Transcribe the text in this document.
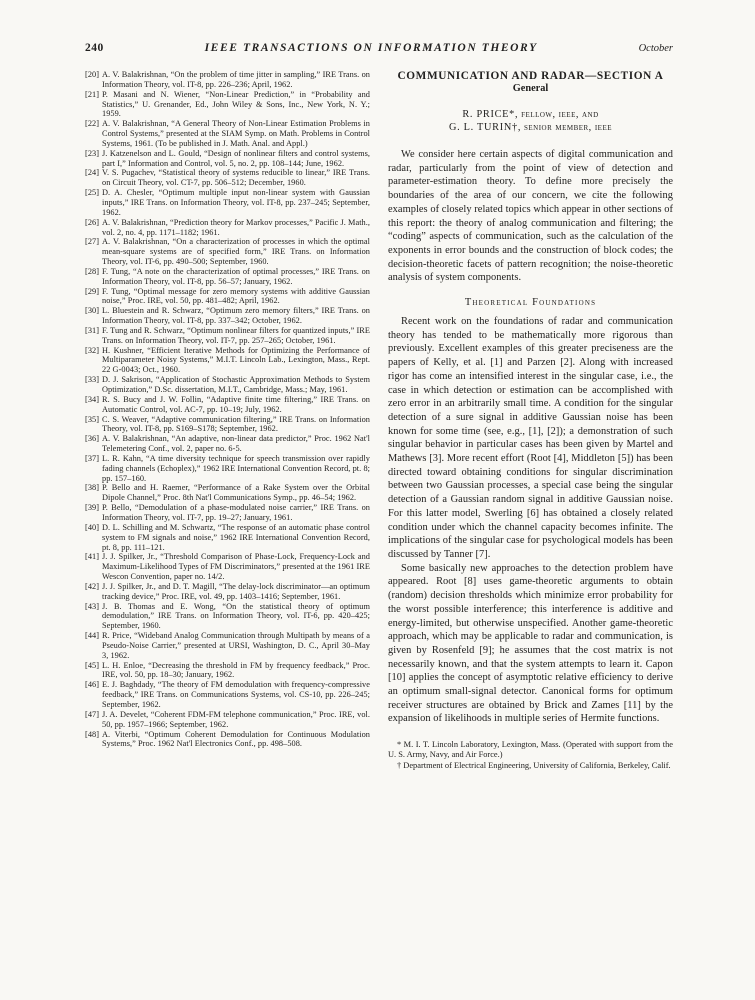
240	IEEE TRANSACTIONS ON INFORMATION THEORY	October
[20] A. V. Balakrishnan, “On the problem of time jitter in sampling,” IRE Trans. on Information Theory, vol. IT-8, pp. 226–236; April, 1962.
[21] P. Masani and N. Wiener, “Non-Linear Prediction,” in “Probability and Statistics,” U. Grenander, Ed., John Wiley & Sons, Inc., New York, N. Y.; 1959.
[22] A. V. Balakrishnan, “A General Theory of Non-Linear Estimation Problems in Control Systems,” presented at the SIAM Symp. on Math. Problems in Control Systems, 1961. (To be published in J. Math. Anal. and Appl.)
[23] J. Katzenelson and L. Gould, “Design of nonlinear filters and control systems, part I,” Information and Control, vol. 5, no. 2, pp. 108–144; June, 1962.
[24] V. S. Pugachev, “Statistical theory of systems reducible to linear,” IRE Trans. on Circuit Theory, vol. CT-7, pp. 506–512; December, 1960.
[25] D. A. Chesler, “Optimum multiple input non-linear system with Gaussian inputs,” IRE Trans. on Information Theory, vol. IT-8, pp. 237–245; September, 1962.
[26] A. V. Balakrishnan, “Prediction theory for Markov processes,” Pacific J. Math., vol. 2, no. 4, pp. 1171–1182; 1961.
[27] A. V. Balakrishnan, “On a characterization of processes in which the optimal mean-square systems are of specified form,” IRE Trans. on Information Theory, vol. IT-6, pp. 490–500; September, 1960.
[28] F. Tung, “A note on the characterization of optimal processes,” IRE Trans. on Information Theory, vol. IT-8, pp. 56–57; January, 1962.
[29] F. Tung, “Optimal message for zero memory systems with additive Gaussian noise,” Proc. IRE, vol. 50, pp. 481–482; April, 1962.
[30] L. Bluestein and R. Schwarz, “Optimum zero memory filters,” IRE Trans. on Information Theory, vol. IT-8, pp. 337–342; October, 1962.
[31] F. Tung and R. Schwarz, “Optimum nonlinear filters for quantized inputs,” IRE Trans. on Information Theory, vol. IT-7, pp. 257–265; October, 1961.
[32] H. Kushner, “Efficient Iterative Methods for Optimizing the Performance of Multiparameter Noisy Systems,” M.I.T. Lincoln Lab., Lexington, Mass., Rept. 22 G-0043; Oct., 1960.
[33] D. J. Sakrison, “Application of Stochastic Approximation Methods to System Optimization,” D.Sc. dissertation, M.I.T., Cambridge, Mass.; May, 1961.
[34] R. S. Bucy and J. W. Follin, “Adaptive finite time filtering,” IRE Trans. on Automatic Control, vol. AC-7, pp. 10–19; July, 1962.
[35] C. S. Weaver, “Adaptive communication filtering,” IRE Trans. on Information Theory, vol. IT-8, pp. S169–S178; September, 1962.
[36] A. V. Balakrishnan, “An adaptive, non-linear data predictor,” Proc. 1962 Nat'l Telemetering Conf., vol. 2, paper no. 6-5.
[37] L. R. Kahn, “A time diversity technique for speech transmission over rapidly fading channels (Echoplex),” 1962 IRE International Convention Record, pt. 8; pp. 157–160.
[38] P. Bello and H. Raemer, “Performance of a Rake System over the Orbital Dipole Channel,” Proc. 8th Nat'l Communications Symp., pp. 46–54; 1962.
[39] P. Bello, “Demodulation of a phase-modulated noise carrier,” IRE Trans. on Information Theory, vol. IT-7, pp. 19–27; January, 1961.
[40] D. L. Schilling and M. Schwartz, “The response of an automatic phase control system to FM signals and noise,” 1962 IRE International Convention Record, pt. 8, pp. 111–121.
[41] J. J. Spilker, Jr., “Threshold Comparison of Phase-Lock, Frequency-Lock and Maximum-Likelihood Types of FM Discriminators,” presented at the 1961 IRE Wescon Convention, paper no. 14/2.
[42] J. J. Spilker, Jr., and D. T. Magill, “The delay-lock discriminator—an optimum tracking device,” Proc. IRE, vol. 49, pp. 1403–1416; September, 1961.
[43] J. B. Thomas and E. Wong, “On the statistical theory of optimum demodulation,” IRE Trans. on Information Theory, vol. IT-6, pp. 420–425; September, 1960.
[44] R. Price, “Wideband Analog Communication through Multipath by means of a Pseudo-Noise Carrier,” presented at URSI, Washington, D. C., April 30–May 3, 1962.
[45] L. H. Enloe, “Decreasing the threshold in FM by frequency feedback,” Proc. IRE, vol. 50, pp. 18–30; January, 1962.
[46] E. J. Baghdady, “The theory of FM demodulation with frequency-compressive feedback,” IRE Trans. on Communications Systems, vol. CS-10, pp. 226–245; September, 1962.
[47] J. A. Develet, “Coherent FDM-FM telephone communication,” Proc. IRE, vol. 50, pp. 1957–1966; September, 1962.
[48] A. Viterbi, “Optimum Coherent Demodulation for Continuous Modulation Systems,” Proc. 1962 Nat'l Electronics Conf., pp. 498–508.
COMMUNICATION AND RADAR—SECTION A
General
R. PRICE*, fellow, ieee, and
G. L. TURIN†, senior member, ieee

We consider here certain aspects of digital communication and radar, particularly from the point of view of detection and parameter-estimation theory. To define more precisely the boundaries of the area of our concern, we cite the following examples of closely related topics which appear in other sections of this report: the theory of analog communication and filtering; the “coding” aspects of communication, such as the calculation of the exponents in error bounds and the construction of block codes; the decision-theoretic facets of pattern recognition; the noise-theoretic analysis of system components.

Theoretical Foundations

Recent work on the foundations of radar and communication theory has tended to be mathematically more rigorous than previously. Excellent examples of this greater preciseness are the papers of Kelly, et al. [1] and Parzen [2]. Along with increased rigor has come an intensified interest in the singular case, i.e., the case in which detection or estimation can be accomplished with zero error in an arbitrarily small time. A condition for the singular detection of a sure signal in additive Gaussian noise has been known for some time (see, e.g., [1], [2]); a demonstration of such singular behavior in particular cases has been given by Martel and Mathews [3]. More recent effort (Root [4], Middleton [5]) has been directed toward obtaining conditions for singular discrimination between two Gaussian processes, a special case being the singular detection of a Gaussian random signal in additive Gaussian noise. For this latter model, Swerling [6] has obtained a closely related condition under which the channel capacity becomes infinite. The implications of the singular case for psychological models has been discussed by Tanner [7].

Some basically new approaches to the detection problem have appeared. Root [8] uses game-theoretic arguments to obtain (random) decision thresholds which minimize error probability for the worst possible interference; this interference is additive and energy-limited, but otherwise unspecified. Another game-theoretic approach, which may be applicable to radar and communication, is given by Rosenfeld [9]; he assumes that the cost matrix is not necessarily known, and that the system attempts to learn it. Capon [10] applies the concept of asymptotic relative efficiency to derive an optimum small-signal detector. Canonical forms for optimum receiver structures are obtained by Brick and Zames [11] by the expansion of likelihoods in multiple series of Hermite functions.

* M. I. T. Lincoln Laboratory, Lexington, Mass. (Operated with support from the U. S. Army, Navy, and Air Force.)

† Department of Electrical Engineering, University of California, Berkeley, Calif.
